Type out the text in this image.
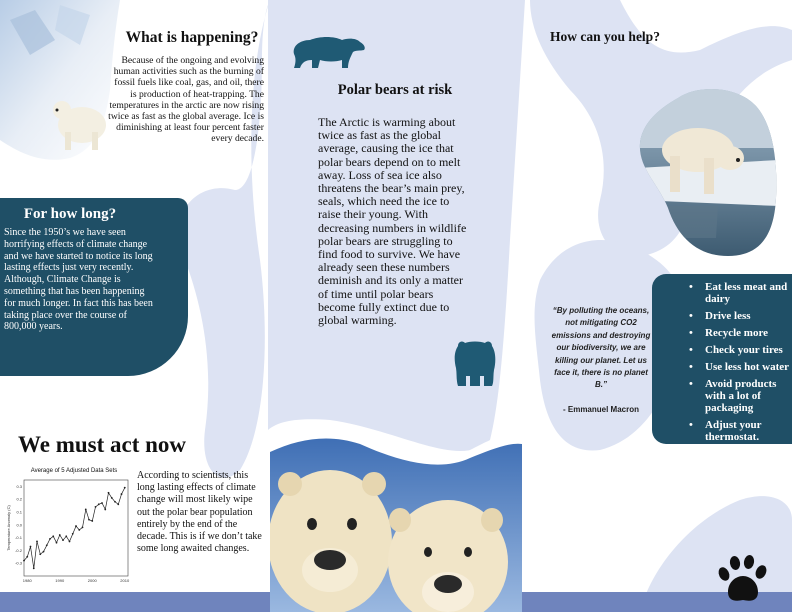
What is happening?

Because of the ongoing and evolving human activities such as the burning of fossil fuels like coal, gas, and oil, there is production of heat-trapping. The temperatures in the arctic are now rising twice as fast as the global average. Ice is diminishing at least four percent faster every decade.

For how long?

Since the 1950’s we have seen horrifying effects of climate change and we have started to notice its long lasting effects just very recently. Although, Climate Change is something that has been happening for much longer. In fact this has been taking place over the course of 800,000 years.

We must act now
Average of 5 Adjusted Data Sets
0.3
0.2
0.1
0.0
-0.1
-0.2
-0.3
1980	1990	2000	2010
Temperature Anomaly (C)

According to scientists, this long lasting effects of climate change will most likely wipe out the polar bear population entirely by the end of the decade. This is if we don’t take some long awaited changes.

Polar bears at risk

The Arctic is warming about twice as fast as the global average, causing the ice that polar bears depend on to melt away. Loss of sea ice also threatens the bear’s main prey, seals, which need the ice to raise their young. With decreasing numbers in wildlife polar bears are struggling to find food to survive. We have already seen these numbers deminish and its only a matter of time until polar bears become fully extinct due to global warming.

How can you help?

“By polluting the oceans, not mitigating CO2 emissions and destroying our biodiversity, we are killing our planet. Let us face it, there is no planet B.”

- Emmanuel Macron

• Eat less meat and dairy
• Drive less
• Recycle more
• Check your tires
• Use less hot water
• Avoid products with a lot of packaging
• Adjust your thermostat.
• Plant a tree.
